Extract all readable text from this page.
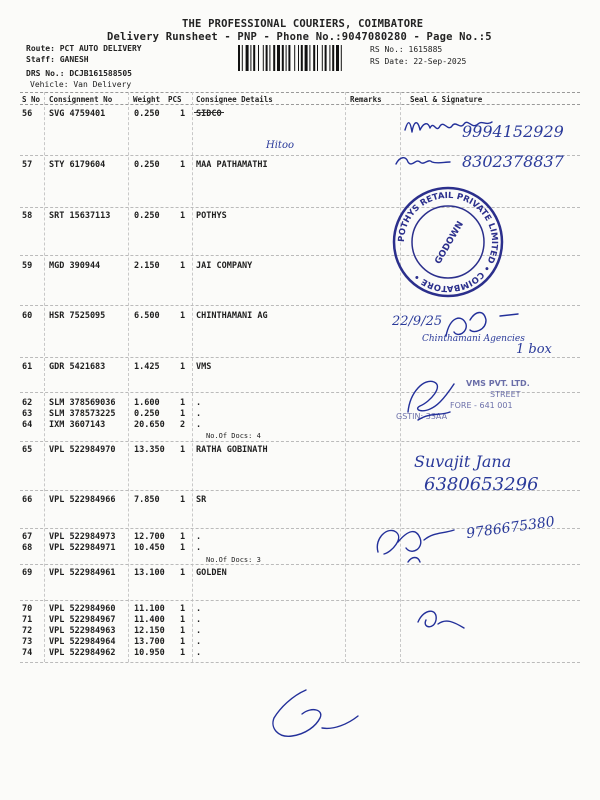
THE PROFESSIONAL COURIERS, COIMBATORE
Delivery Runsheet - PNP - Phone No.:9047080280 - Page No.:5
Route: PCT AUTO DELIVERY
Staff: GANESH
DRS No.: DCJB161588505
Vehicle: Van Delivery
RS No.: 1615885
RS Date: 22-Sep-2025
S No Consignment No	Weight PCS Consignee Details	Remarks	Seal & Signature
56 SVG 4759401	0.250 1 SIDCO
57 STY 6179604	0.250 1 MAA PATHAMATHI
58 SRT 15637113	0.250 1 POTHYS
59 MGD 390944	2.150 1 JAI COMPANY
60 HSR 7525095	6.500 1 CHINTHAMANI AG
61 GDR 5421683	1.425 1 VMS
62 SLM 378569036 1.600 1 .
63 SLM 378573225 0.250 1 .
64 IXM 3607143	20.650 2 .
65 VPL 522984970 13.350 1 RATHA GOBINATH
66 VPL 522984966 7.850 1 SR
67 VPL 522984973 12.700 1 .
68 VPL 522984971 10.450 1 .
69 VPL 522984961 13.100 1 GOLDEN
70 VPL 522984960 11.100 1 .
71 VPL 522984967 11.400 1 .
72 VPL 522984963 12.150 1 .
73 VPL 522984964 13.700 1 .
74 VPL 522984962 10.950 1 .
No.Of Docs: 4
No.Of Docs: 3
9994152929
Hitoo
8302378837
POTHYS RETAIL PRIVATE LIMITED • COIMBATORE •
GODOWN
22/9/25
Chinthamani Agencies
1 box
VMS PVT. LTD.
STREET
FORE - 641 001
GSTIN: 33AA
Suvajit Jana
6380653296
9786675380
